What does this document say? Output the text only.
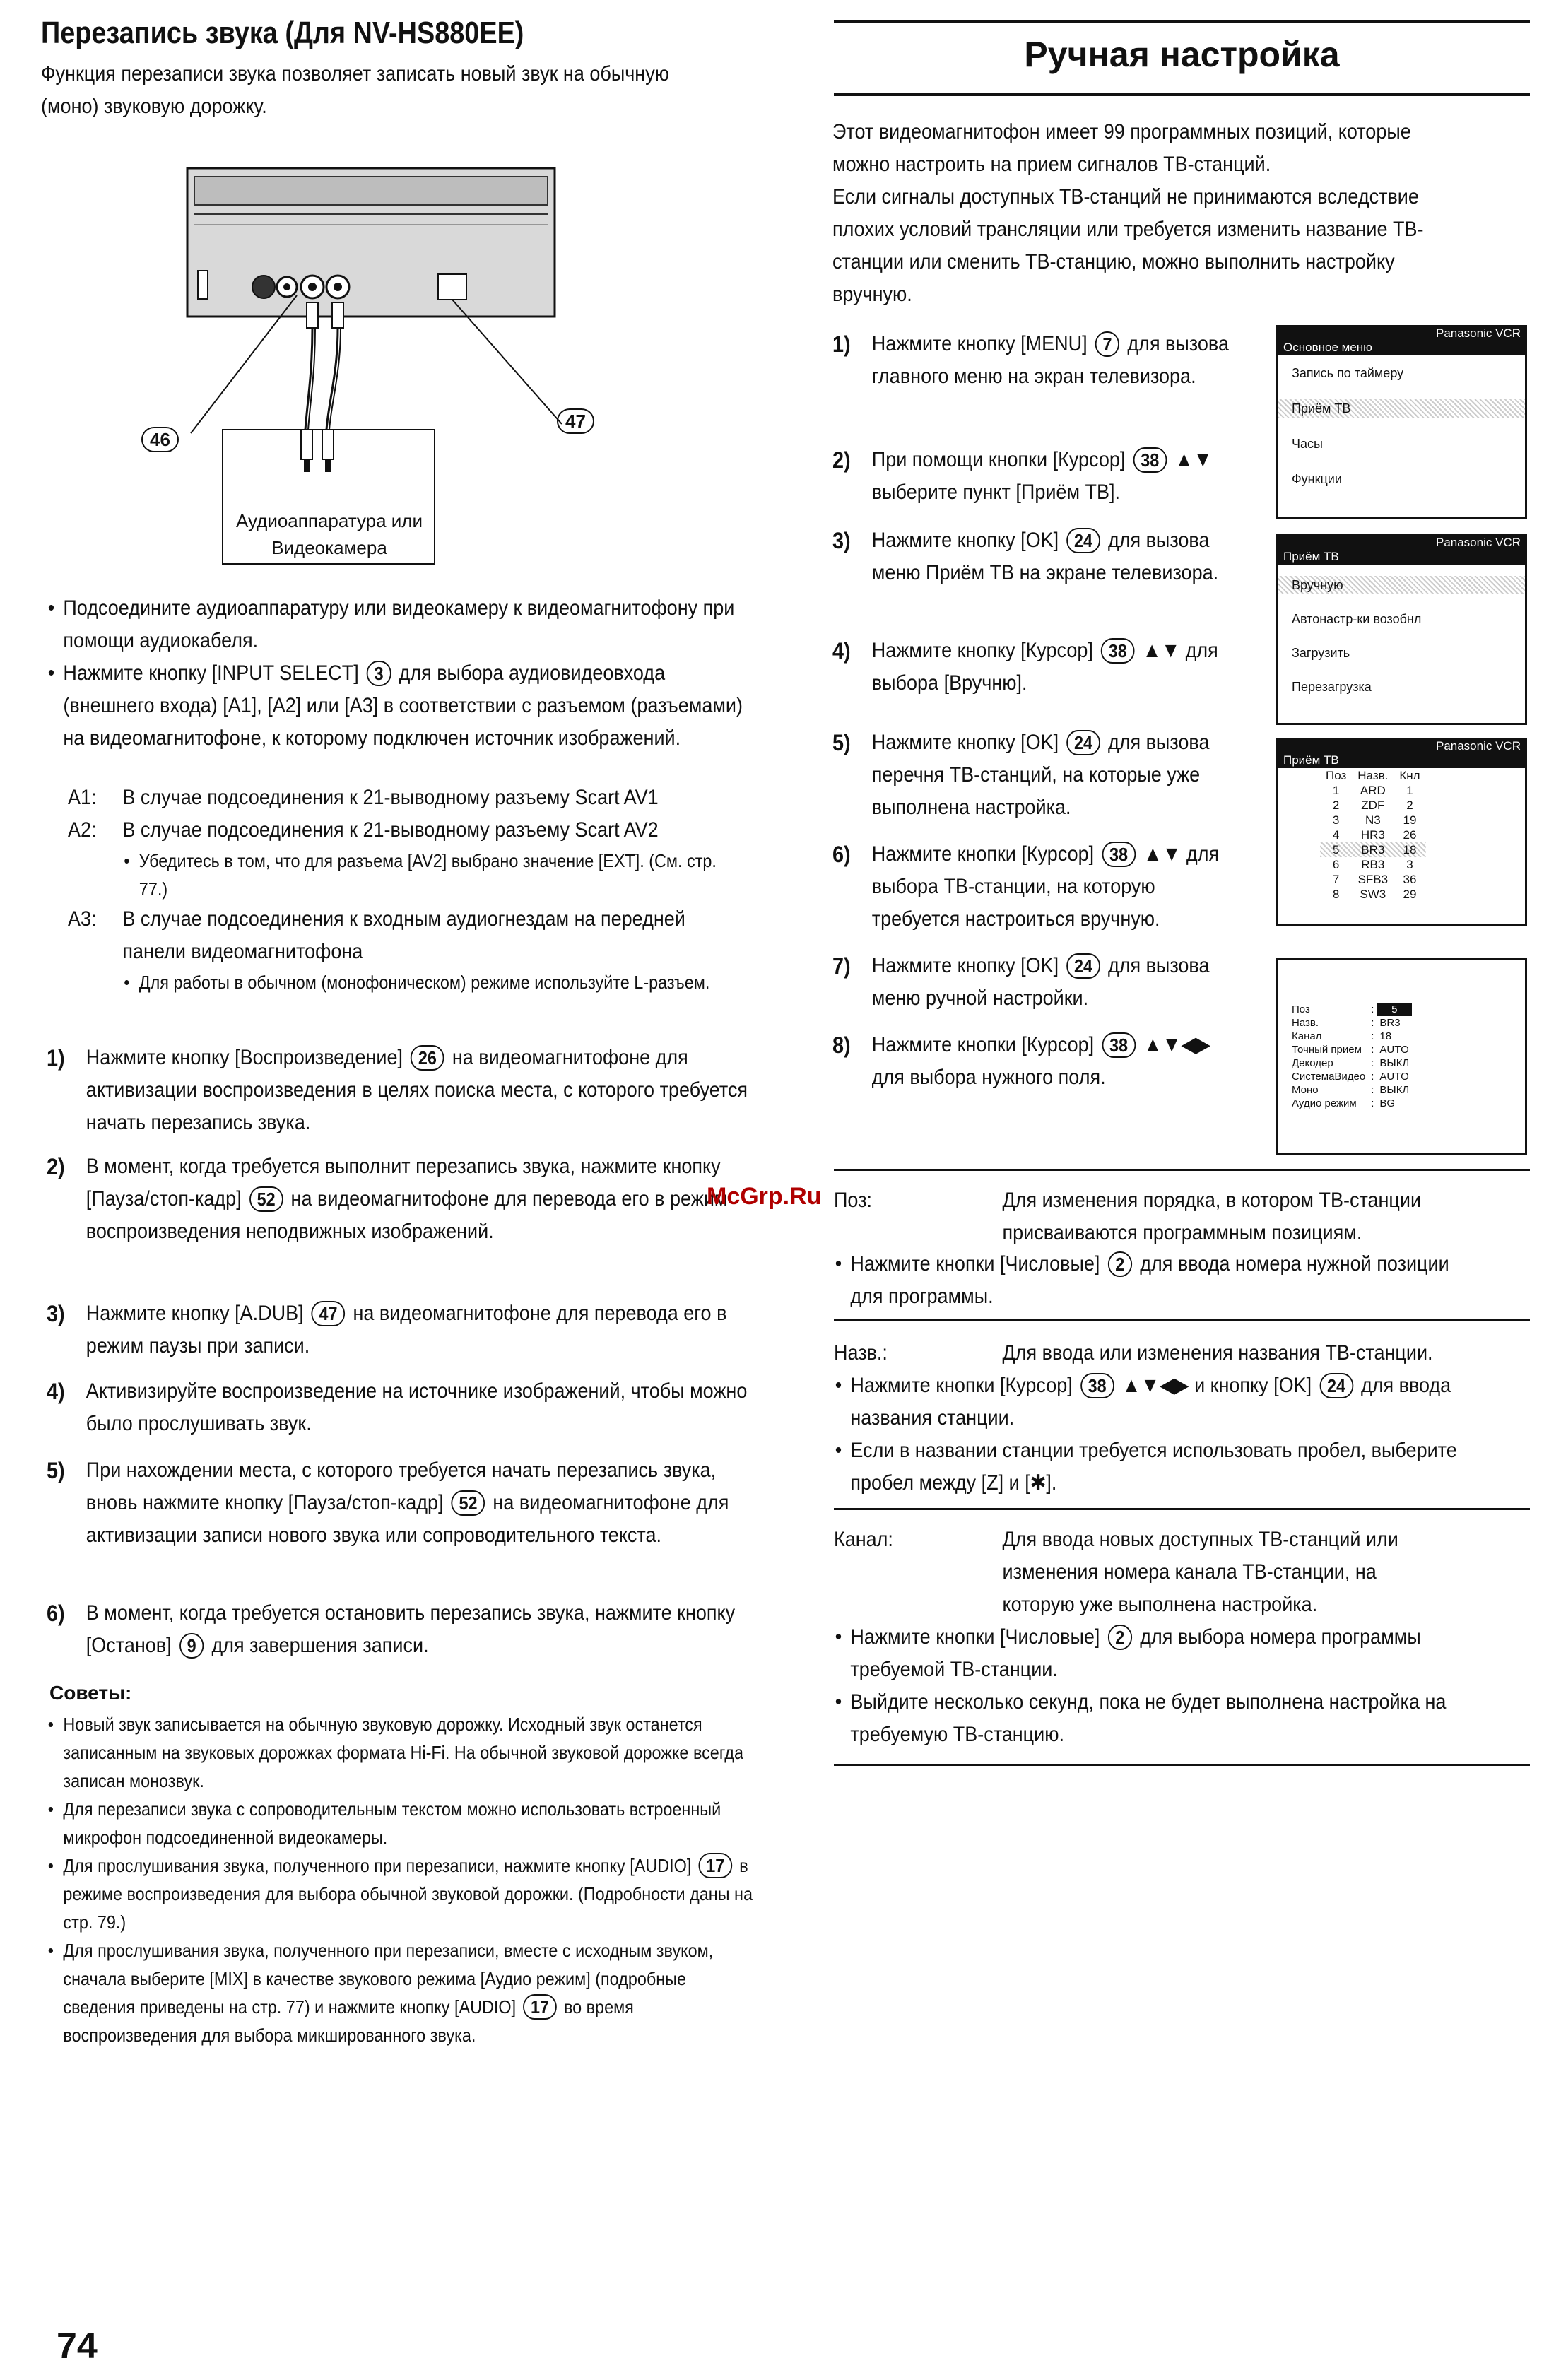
Перезапись звука (Для NV-HS880EE)
Функция перезаписи звука позволяет записать новый звук на обычную (моно) звуковую дорожку.
46
47
Аудиоаппаратура или
Видеокамера
• Подсоедините аудиоаппаратуру или видеокамеру к видеомагнитофону при помощи аудиокабеля.
• Нажмите кнопку [INPUT SELECT] 3 для выбора аудиовидеовхода (внешнего входа) [A1], [A2] или [A3] в соответствии с разъемом (разъемами) на видеомагнитофоне, к которому подключен источник изображений.
A1:	В случае подсоединения к 21-выводному разъему Scart AV1
A2:	В случае подсоединения к 21-выводному разъему Scart AV2
• Убедитесь в том, что для разъема [AV2] выбрано значение [EXT]. (См. стр. 77.)
A3:	В случае подсоединения к входным аудиогнездам на передней панели видеомагнитофона
• Для работы в обычном (монофоническом) режиме используйте L-разъем.
1)	Нажмите кнопку [Воспроизведение] 26 на видеомагнитофоне для активизации воспроизведения в целях поиска места, с которого требуется начать перезапись звука.
2)	В момент, когда требуется выполнит перезапись звука, нажмите кнопку [Пауза/стоп-кадр] 52 на видеомагнитофоне для перевода его в режим воспроизведения неподвижных изображений.
3)	Нажмите кнопку [A.DUB] 47 на видеомагнитофоне для перевода его в режим паузы при записи.
4)	Активизируйте воспроизведение на источнике изображений, чтобы можно было прослушивать звук.
5)	При нахождении места, с которого требуется начать перезапись звука, вновь нажмите кнопку [Пауза/стоп-кадр] 52 на видеомагнитофоне для активизации записи нового звука или сопроводительного текста.
6)	В момент, когда требуется остановить перезапись звука, нажмите кнопку [Останов] 9 для завершения записи.
Советы:
• Новый звук записывается на обычную звуковую дорожку. Исходный звук останется записанным на звуковых дорожках формата Hi-Fi. На обычной звуковой дорожке всегда записан монозвук.
• Для перезаписи звука с сопроводительным текстом можно использовать встроенный микрофон подсоединенной видеокамеры.
• Для прослушивания звука, полученного при перезаписи, нажмите кнопку [AUDIO] 17 в режиме воспроизведения для выбора обычной звуковой дорожки. (Подробности даны на стр. 79.)
• Для прослушивания звука, полученного при перезаписи, вместе с исходным звуком, сначала выберите [MIX] в качестве звукового режима [Аудио режим] (подробные сведения приведены на стр. 77) и нажмите кнопку [AUDIO] 17 во время воспроизведения для выбора микшированного звука.
74
Ручная настройка
Этот видеомагнитофон имеет 99 программных позиций, которые можно настроить на прием сигналов ТВ-станций.
Если сигналы доступных ТВ-станций не принимаются вследствие плохих условий трансляции или требуется изменить название ТВ-станции или сменить ТВ-станцию, можно выполнить настройку вручную.
1)	Нажмите кнопку [MENU] 7 для вызова главного меню на экран телевизора.
2)	При помощи кнопки [Курсор] 38 ▲▼ выберите пункт [Приём ТВ].
3)	Нажмите кнопку [OK] 24 для вызова меню Приём ТВ на экране телевизора.
4)	Нажмите кнопку [Курсор] 38 ▲▼ для выбора [Вручню].
5)	Нажмите кнопку [OK] 24 для вызова перечня ТВ-станций, на которые уже выполнена настройка.
6)	Нажмите кнопки [Курсор] 38 ▲▼ для выбора ТВ-станции, на которую требуется настроиться вручную.
7)	Нажмите кнопку [OK] 24 для вызова меню ручной настройки.
8)	Нажмите кнопки [Курсор] 38 ▲▼◀▶ для выбора нужного поля.
Panasonic VCR
Основное меню
Запись по таймеру
Приём ТВ
Часы
Функции
Panasonic VCR
Приём ТВ
Вручную
Автонастр-ки возобнл
Загрузить
Перезагрузка
Panasonic VCR
Приём ТВ
Поз	Назв.	Кнл
1	ARD	1
2	ZDF	2
3	N3	19
4	HR3	26
5	BR3	18
6	RB3	3
7	SFB3	36
8	SW3	29
Поз	:	5
Назв.	:	BR3
Канал	:	18
Точный прием	:	AUTO
Декодер	:	ВЫКЛ
СистемаВидео	:	AUTO
Моно	:	ВЫКЛ
Аудио режим	:	BG
McGrp.Ru Поз:	Для изменения порядка, в котором ТВ-станции присваиваются программным позициям.
• Нажмите кнопки [Числовые] 2 для ввода номера нужной позиции для программы.
Назв.:	Для ввода или изменения названия ТВ-станции.
• Нажмите кнопки [Курсор] 38 ▲▼◀▶ и кнопку [OK] 24 для ввода названия станции.
• Если в названии станции требуется использовать пробел, выберите пробел между [Z] и [✱].
Канал:	Для ввода новых доступных ТВ-станций или изменения номера канала ТВ-станции, на которую уже выполнена настройка.
• Нажмите кнопки [Числовые] 2 для выбора номера программы требуемой ТВ-станции.
• Выйдите несколько секунд, пока не будет выполнена настройка на требуемую ТВ-станцию.
